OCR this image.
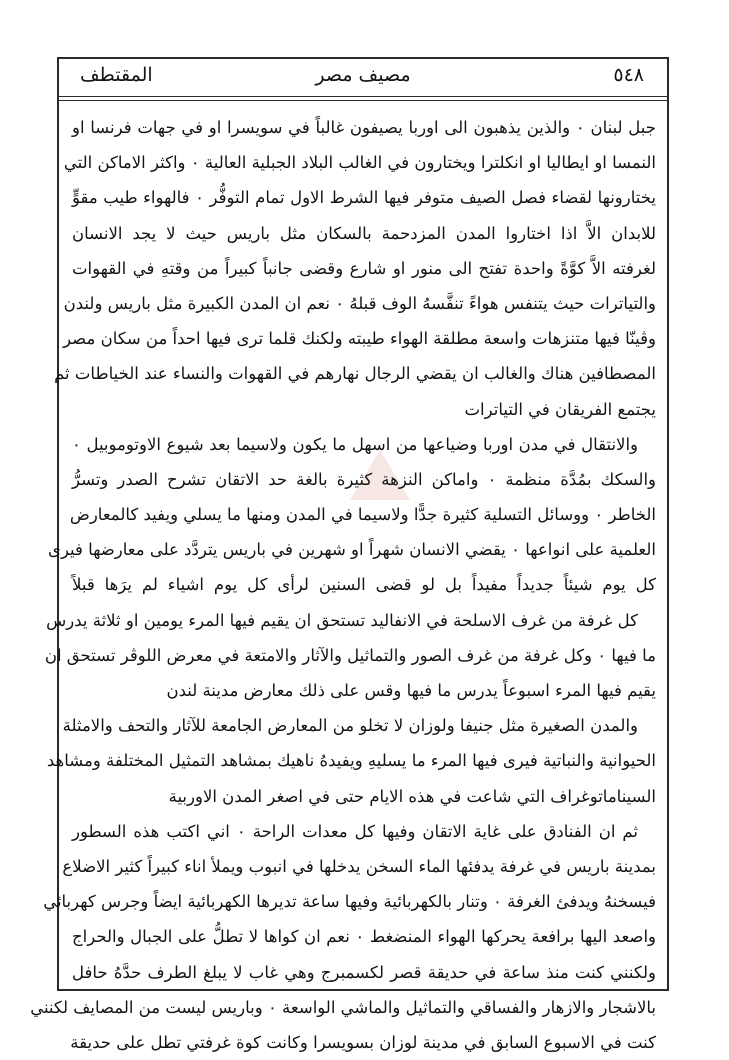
٥٤٨
مصيف مصر
المقتطف
جبل لبنان ٠ والذين يذهبون الى اوربا يصيفون غالباً في سويسرا او في جهات فرنسا او
النمسا او ايطاليا او انكلترا ويختارون في الغالب البلاد الجبلية العالية ٠ واكثر الاماكن التي
يختارونها لقضاء فصل الصيف متوفر فيها الشرط الاول تمام التوفُّر ٠ فالهواء طيب مقوٍّ
للابدان الاَّ اذا اختاروا المدن المزدحمة بالسكان مثل باريس حيث لا يجد الانسان
لغرفته الاَّ كوَّةً واحدة تفتح الى منور او شارع وقضى جانباً كبيراً من وقتهِ في القهوات
والتياترات حيث يتنفس هواءً تنفَّسهُ الوف قبلهُ ٠ نعم ان المدن الكبيرة مثل باريس ولندن
وڤينّا فيها متنزهات واسعة مطلقة الهواء طيبته ولكنك قلما ترى فيها احداً من سكان مصر
المصطافين هناك والغالب ان يقضي الرجال نهارهم في القهوات والنساء عند الخياطات ثم
يجتمع الفريقان في التياترات
والانتقال في مدن اوربا وضياعها من اسهل ما يكون ولاسيما بعد شيوع الاوتوموبيل ٠
والسكك بمُدَّة منظمة ٠ واماكن النزهة كثيرة بالغة حد الاتقان تشرح الصدر وتسرُّ
الخاطر ٠ ووسائل التسلية كثيرة جدًّا ولاسيما في المدن ومنها ما يسلي ويفيد كالمعارض
العلمية على انواعها ٠ يقضي الانسان شهراً او شهرين في باريس يتردَّد على معارضها فيرى
كل يوم شيئاً جديداً مفيداً بل لو قضى السنين لرأى كل يوم اشياء لم يرَها قبلاً
كل غرفة من غرف الاسلحة في الانفاليد تستحق ان يقيم فيها المرء يومين او ثلاثة يدرس
ما فيها ٠ وكل غرفة من غرف الصور والتماثيل والآثار والامتعة في معرض اللوڤر تستحق ان
يقيم فيها المرء اسبوعاً يدرس ما فيها وقس على ذلك معارض مدينة لندن
والمدن الصغيرة مثل جنيفا ولوزان لا تخلو من المعارض الجامعة للآثار والتحف والامثلة
الحيوانية والنباتية فيرى فيها المرء ما يسليهِ ويفيدهُ ناهيك بمشاهد التمثيل المختلفة ومشاهد
السيناماتوغراف التي شاعت في هذه الايام حتى في اصغر المدن الاوربية
ثم ان الفنادق على غاية الاتقان وفيها كل معدات الراحة ٠ اني اكتب هذه السطور
بمدينة باريس في غرفة يدفئها الماء السخن يدخلها في انبوب ويملأ اناء كبيراً كثير الاضلاع
فيسخنهُ ويدفئ الغرفة ٠ وتنار بالكهربائية وفيها ساعة تديرها الكهربائية ايضاً وجرس كهربائي
واصعد اليها برافعة يحركها الهواء المنضغط ٠ نعم ان كواها لا تطلُّ على الجبال والحراج
ولكنني كنت منذ ساعة في حديقة قصر لكسمبرج وهي غاب لا يبلغ الطرف حدَّهُ حافل
بالاشجار والازهار والفساقي والتماثيل والماشي الواسعة ٠ وباريس ليست من المصايف لكنني
كنت في الاسبوع السابق في مدينة لوزان بسويسرا وكانت كوة غرفتي تطل على حديقة
